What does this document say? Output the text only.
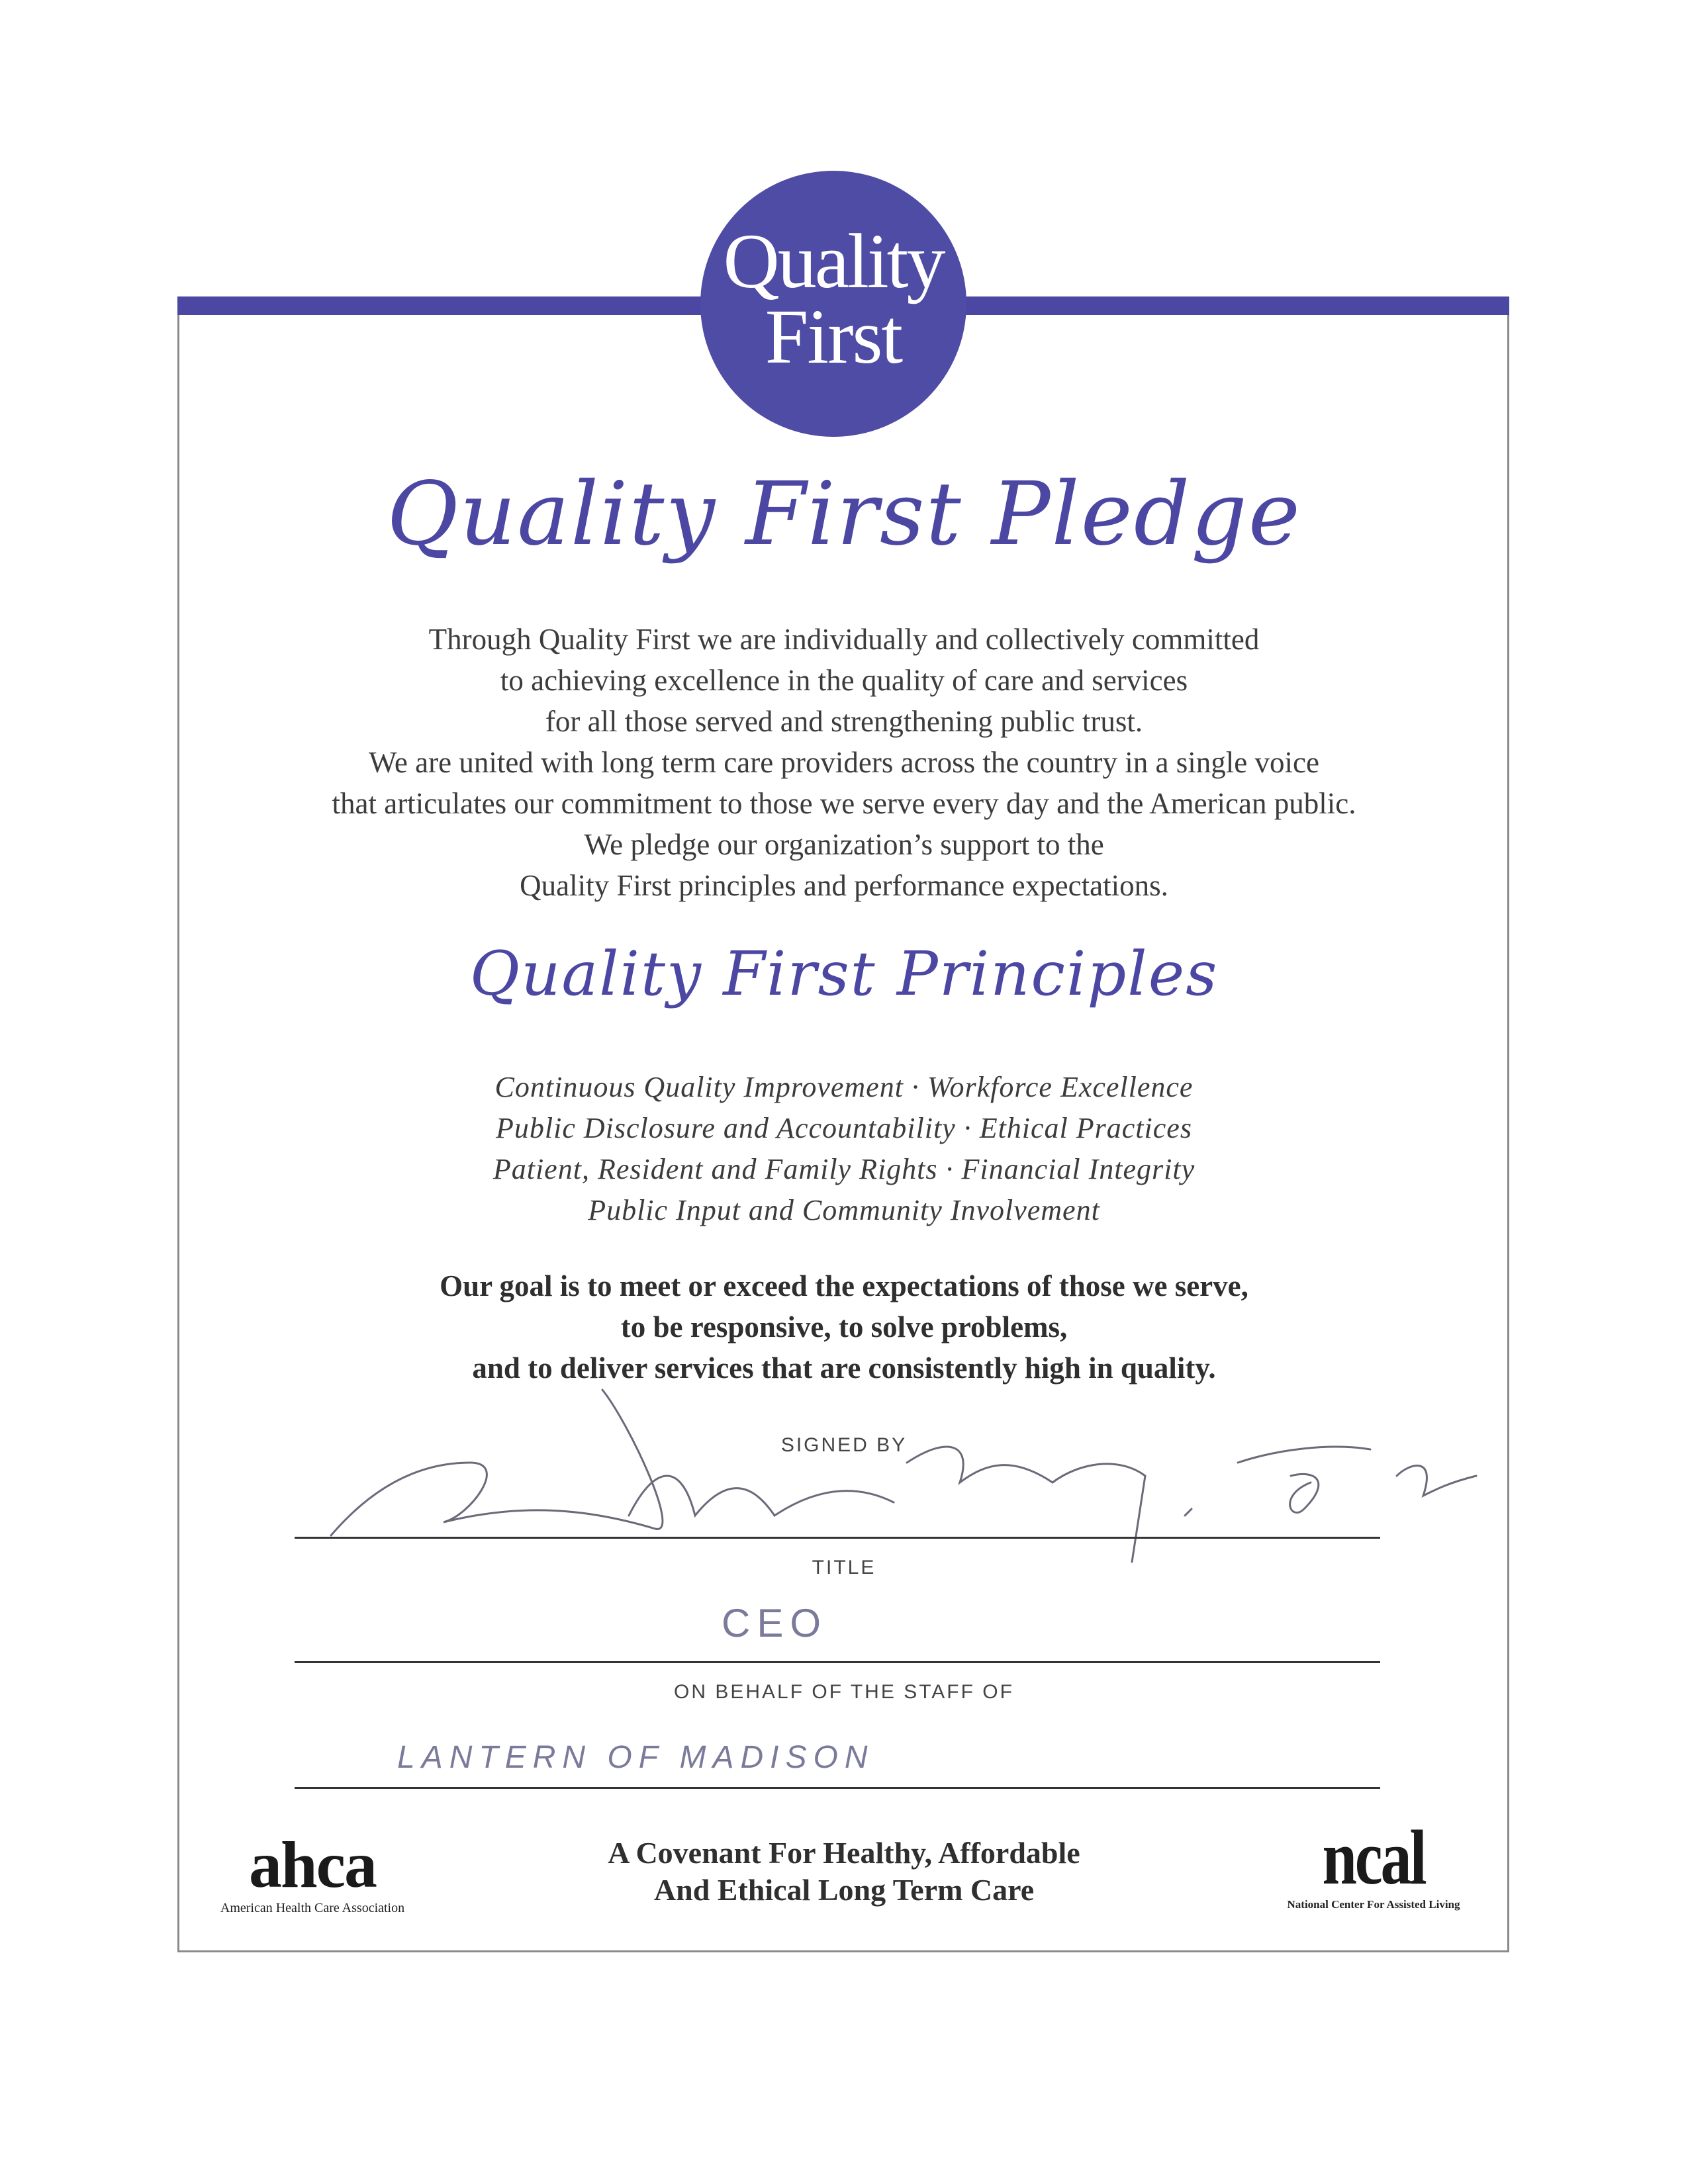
Quality
First
Quality First Pledge
Through Quality First we are individually and collectively committed
to achieving excellence in the quality of care and services
for all those served and strengthening public trust.
We are united with long term care providers across the country in a single voice
that articulates our commitment to those we serve every day and the American public.
We pledge our organization’s support to the
Quality First principles and performance expectations.
Quality First Principles
Continuous Quality Improvement · Workforce Excellence
Public Disclosure and Accountability · Ethical Practices
Patient, Resident and Family Rights · Financial Integrity
Public Input and Community Involvement
Our goal is to meet or exceed the expectations of those we serve,
to be responsive, to solve problems,
and to deliver services that are consistently high in quality.
SIGNED BY
TITLE
CEO
ON BEHALF OF THE STAFF OF
LANTERN OF MADISON
ahca
American Health Care Association
A Covenant For Healthy, Affordable
And Ethical Long Term Care	ncal
National Center For Assisted Living
